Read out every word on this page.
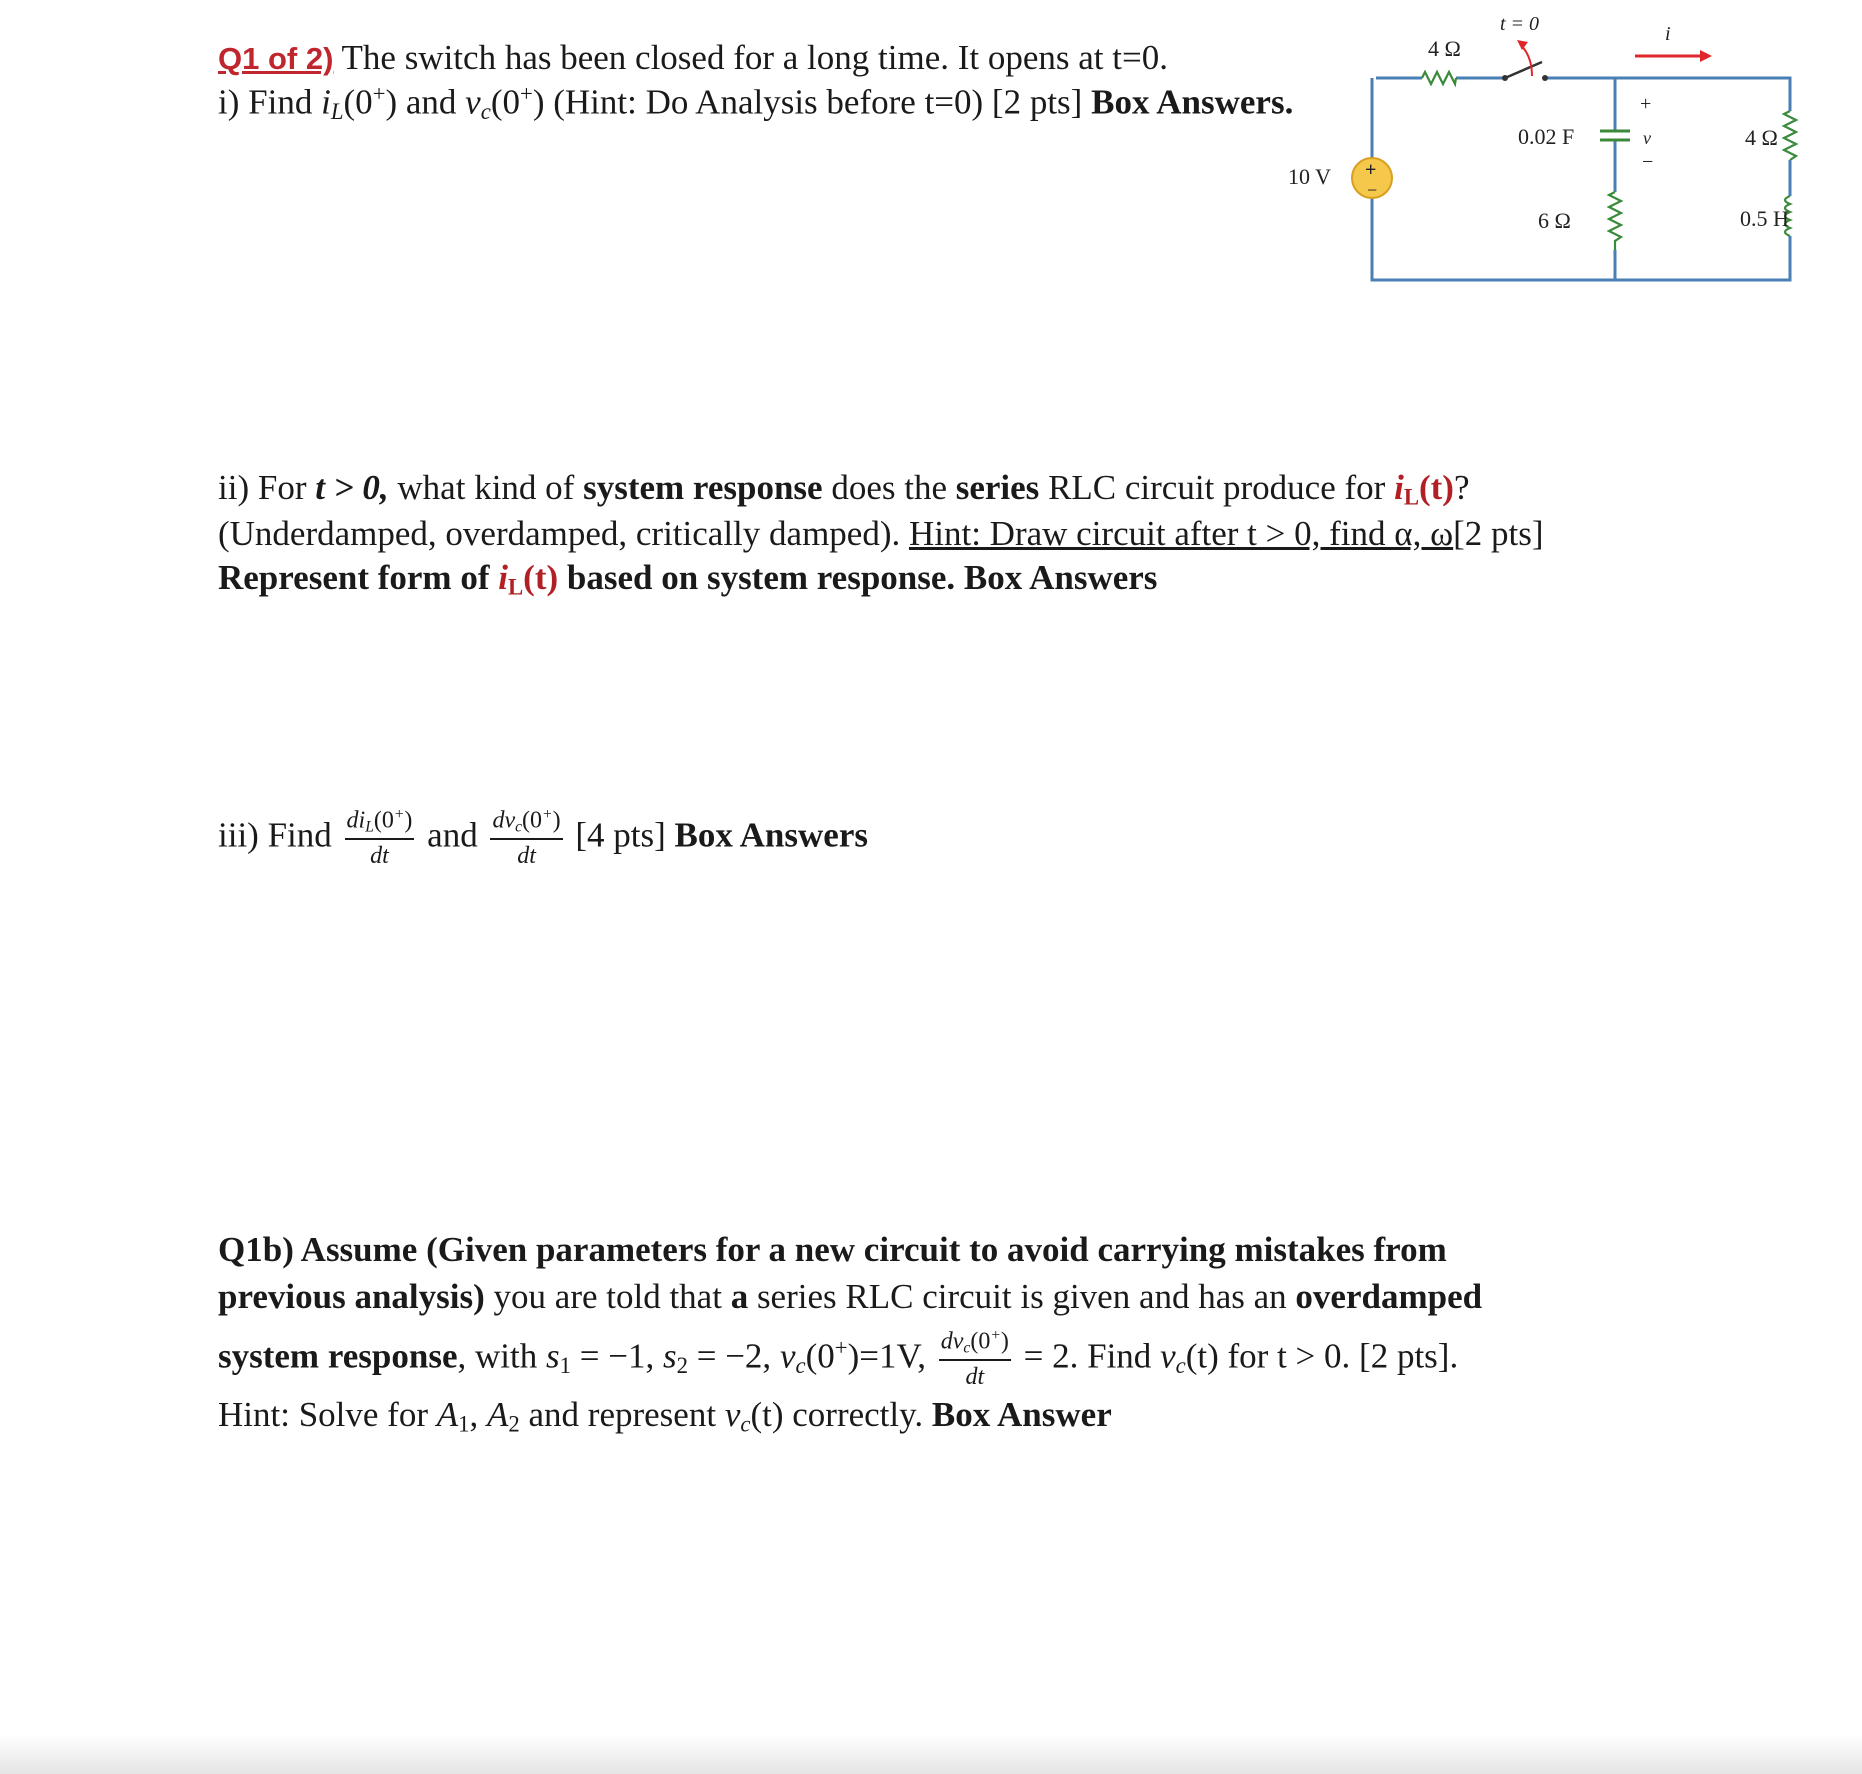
Q1 of 2) The switch has been closed for a long time. It opens at t=0.
i) Find $i_L(0^+)$ and $v_c(0^+)$ (Hint: Do Analysis before t=0) [2 pts] Box Answers.
4 Ω
t = 0	i
0.02 F
+
v
−
4 Ω
0.5 H
6 Ω
+
−
10 V
ii) For t > 0, what kind of system response does the series RLC circuit produce for $i_L(t)$?
(Underdamped, overdamped, critically damped). Hint: Draw circuit after t > 0, find α, ω[2 pts]
Represent form of $i_L(t)$ based on system response. Box Answers
iii) Find $\frac{di_L(0^+)}{dt}$ and $\frac{dv_c(0^+)}{dt} [4$ pts] Box Answers
Q1b) Assume (Given parameters for a new circuit to avoid carrying mistakes from
previous analysis) you are told that a series RLC circuit is given and has an overdamped
system response, with $s_1 = -1$, $s_2 = -2$, $v_c(0^+)=1V$, $\frac{dv_c(0^+)}{dt} = 2$. Find $v_c(t)$ for t > 0. [2 pts].
Hint: Solve for $A_1$, $A_2$ and represent $v_c(t)$ correctly. Box Answer
